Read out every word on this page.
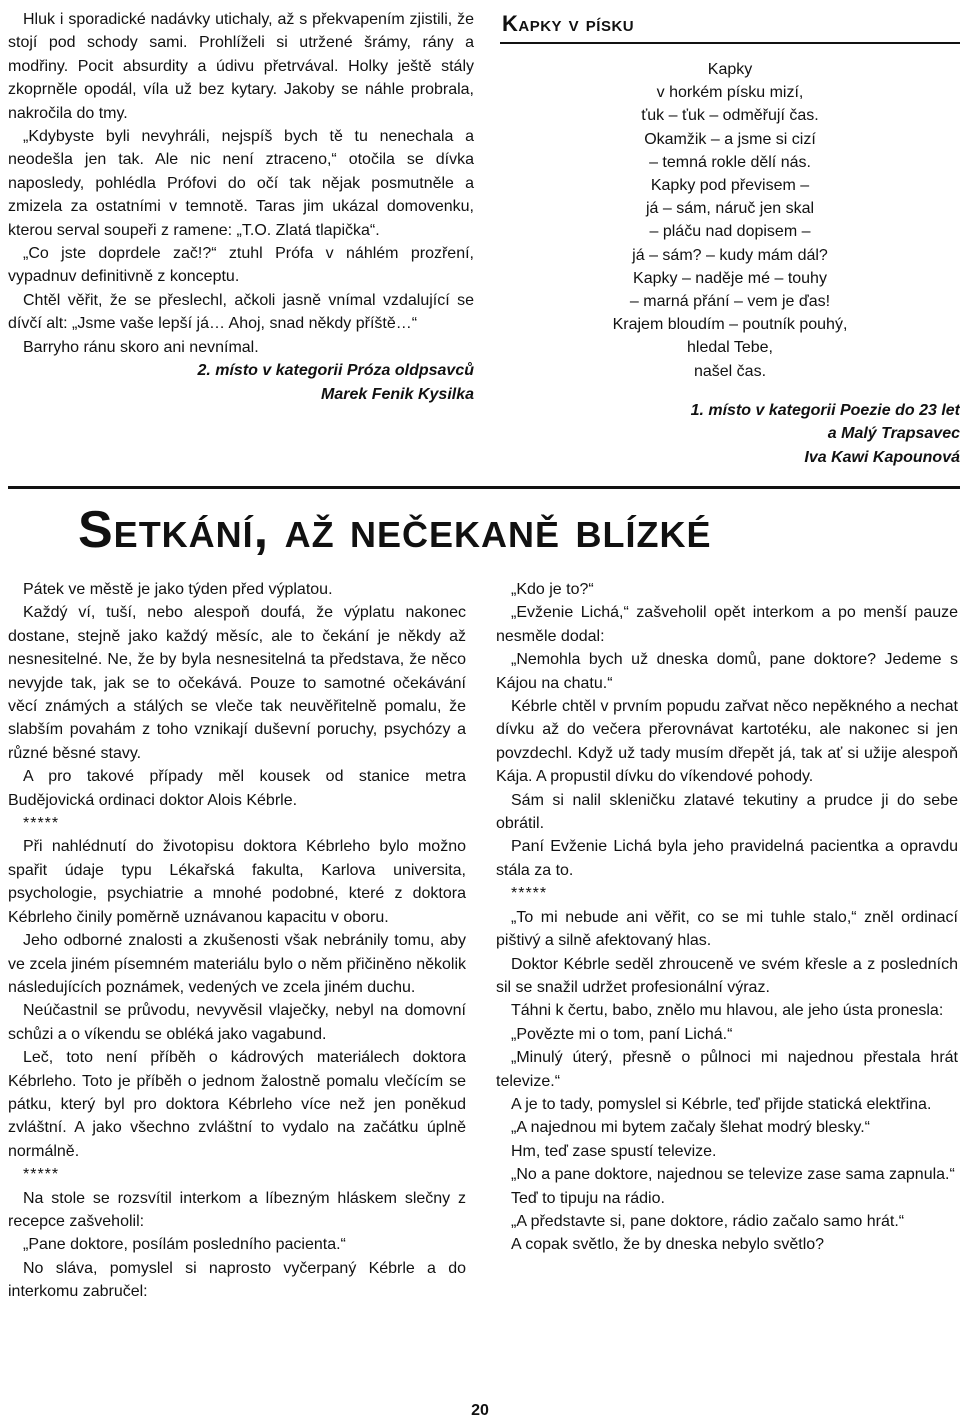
Hluk i sporadické nadávky utichaly, až s překvapením zjistili, že stojí pod schody sami. Prohlíželi si utržené šrámy, rány a modřiny. Pocit absurdity a údivu přetrvával. Holky ještě stály zkoprněle opodál, víla už bez kytary. Jakoby se náhle probrala, nakročila do tmy.

„Kdybyste byli nevyhráli, nejspíš bych tě tu nenechala a neodešla jen tak. Ale nic není ztraceno,“ otočila se dívka naposledy, pohlédla Prófovi do očí tak nějak posmutněle a zmizela za ostatními v temnotě. Taras jim ukázal domovenku, kterou serval soupeři z ramene: „T.O. Zlatá tlapička“.

„Co jste doprdele zač!?“ ztuhl Prófa v náhlém prozření, vypadnuv definitivně z konceptu.

Chtěl věřit, že se přeslechl, ačkoli jasně vnímal vzdalující se dívčí alt: „Jsme vaše lepší já… Ahoj, snad někdy příště…“

Barryho ránu skoro ani nevnímal.

2. místo v kategorii Próza oldpsavců
Marek Fenik Kysilka
Kapky v písku
Kapky
v horkém písku mizí,
ťuk – ťuk – odměřují čas.
Okamžik – a jsme si cizí
– temná rokle dělí nás.
Kapky pod převisem –
já – sám, náruč jen skal
– pláču nad dopisem –
já – sám? – kudy mám dál?
Kapky – naděje mé – touhy
– marná přání – vem je ďas!
Krajem bloudím – poutník pouhý,
hledal Tebe,
našel čas.
1. místo v kategorii Poezie do 23 let
a Malý Trapsavec
Iva Kawi Kapounová
Setkání, až nečekaně blízké

Pátek ve městě je jako týden před výplatou.

Každý ví, tuší, nebo alespoň doufá, že výplatu nakonec dostane, stejně jako každý měsíc, ale to čekání je někdy až nesnesitelné. Ne, že by byla nesnesitelná ta představa, že něco nevyjde tak, jak se to očekává. Pouze to samotné očekávání věcí známých a stálých se vleče tak neuvěřitelně pomalu, že slabším povahám z toho vznikají duševní poruchy, psychózy a různé běsné stavy.

A pro takové případy měl kousek od stanice metra Budějovická ordinaci doktor Alois Kébrle.

*****

Při nahlédnutí do životopisu doktora Kébrleho bylo možno spařit údaje typu Lékařská fakulta, Karlova universita, psychologie, psychiatrie a mnohé podobné, které z doktora Kébrleho činily poměrně uznávanou kapacitu v oboru.

Jeho odborné znalosti a zkušenosti však nebránily tomu, aby ve zcela jiném písemném materiálu bylo o něm přičiněno několik následujících poznámek, vedených ve zcela jiném duchu.

Neúčastnil se průvodu, nevyvěsil vlaječky, nebyl na domovní schůzi a o víkendu se obléká jako vagabund.

Leč, toto není příběh o kádrových materiálech doktora Kébrleho. Toto je příběh o jednom žalostně pomalu vlečícím se pátku, který byl pro doktora Kébrleho více než jen poněkud zvláštní. A jako všechno zvláštní to vydalo na začátku úplně normálně.

*****

Na stole se rozsvítil interkom a líbezným hláskem slečny z recepce zašveholil:

„Pane doktore, posílám posledního pacienta.“

No sláva, pomyslel si naprosto vyčerpaný Kébrle a do interkomu zabručel:

„Kdo je to?“

„Evženie Lichá,“ zašveholil opět interkom a po menší pauze nesměle dodal:

„Nemohla bych už dneska domů, pane doktore? Jedeme s Kájou na chatu.“

Kébrle chtěl v prvním popudu zařvat něco nepěkného a nechat dívku až do večera přerovnávat kartotéku, ale nakonec si jen povzdechl. Když už tady musím dřepět já, tak ať si užije alespoň Kája. A propustil dívku do víkendové pohody.

Sám si nalil skleničku zlatavé tekutiny a prudce ji do sebe obrátil.

Paní Evženie Lichá byla jeho pravidelná pacientka a opravdu stála za to.

*****

„To mi nebude ani věřit, co se mi tuhle stalo,“ zněl ordinací pištivý a silně afektovaný hlas.

Doktor Kébrle seděl zhrouceně ve svém křesle a z posledních sil se snažil udržet profesionální výraz.

Táhni k čertu, babo, znělo mu hlavou, ale jeho ústa pronesla:

„Povězte mi o tom, paní Lichá.“

„Minulý úterý, přesně o půlnoci mi najednou přestala hrát televize.“

A je to tady, pomyslel si Kébrle, teď přijde statická elektřina.

„A najednou mi bytem začaly šlehat modrý blesky.“

Hm, teď zase spustí televize.

„No a pane doktore, najednou se televize zase sama zapnula.“

Teď to tipuju na rádio.

„A představte si, pane doktore, rádio začalo samo hrát.“

A copak světlo, že by dneska nebylo světlo?

20
